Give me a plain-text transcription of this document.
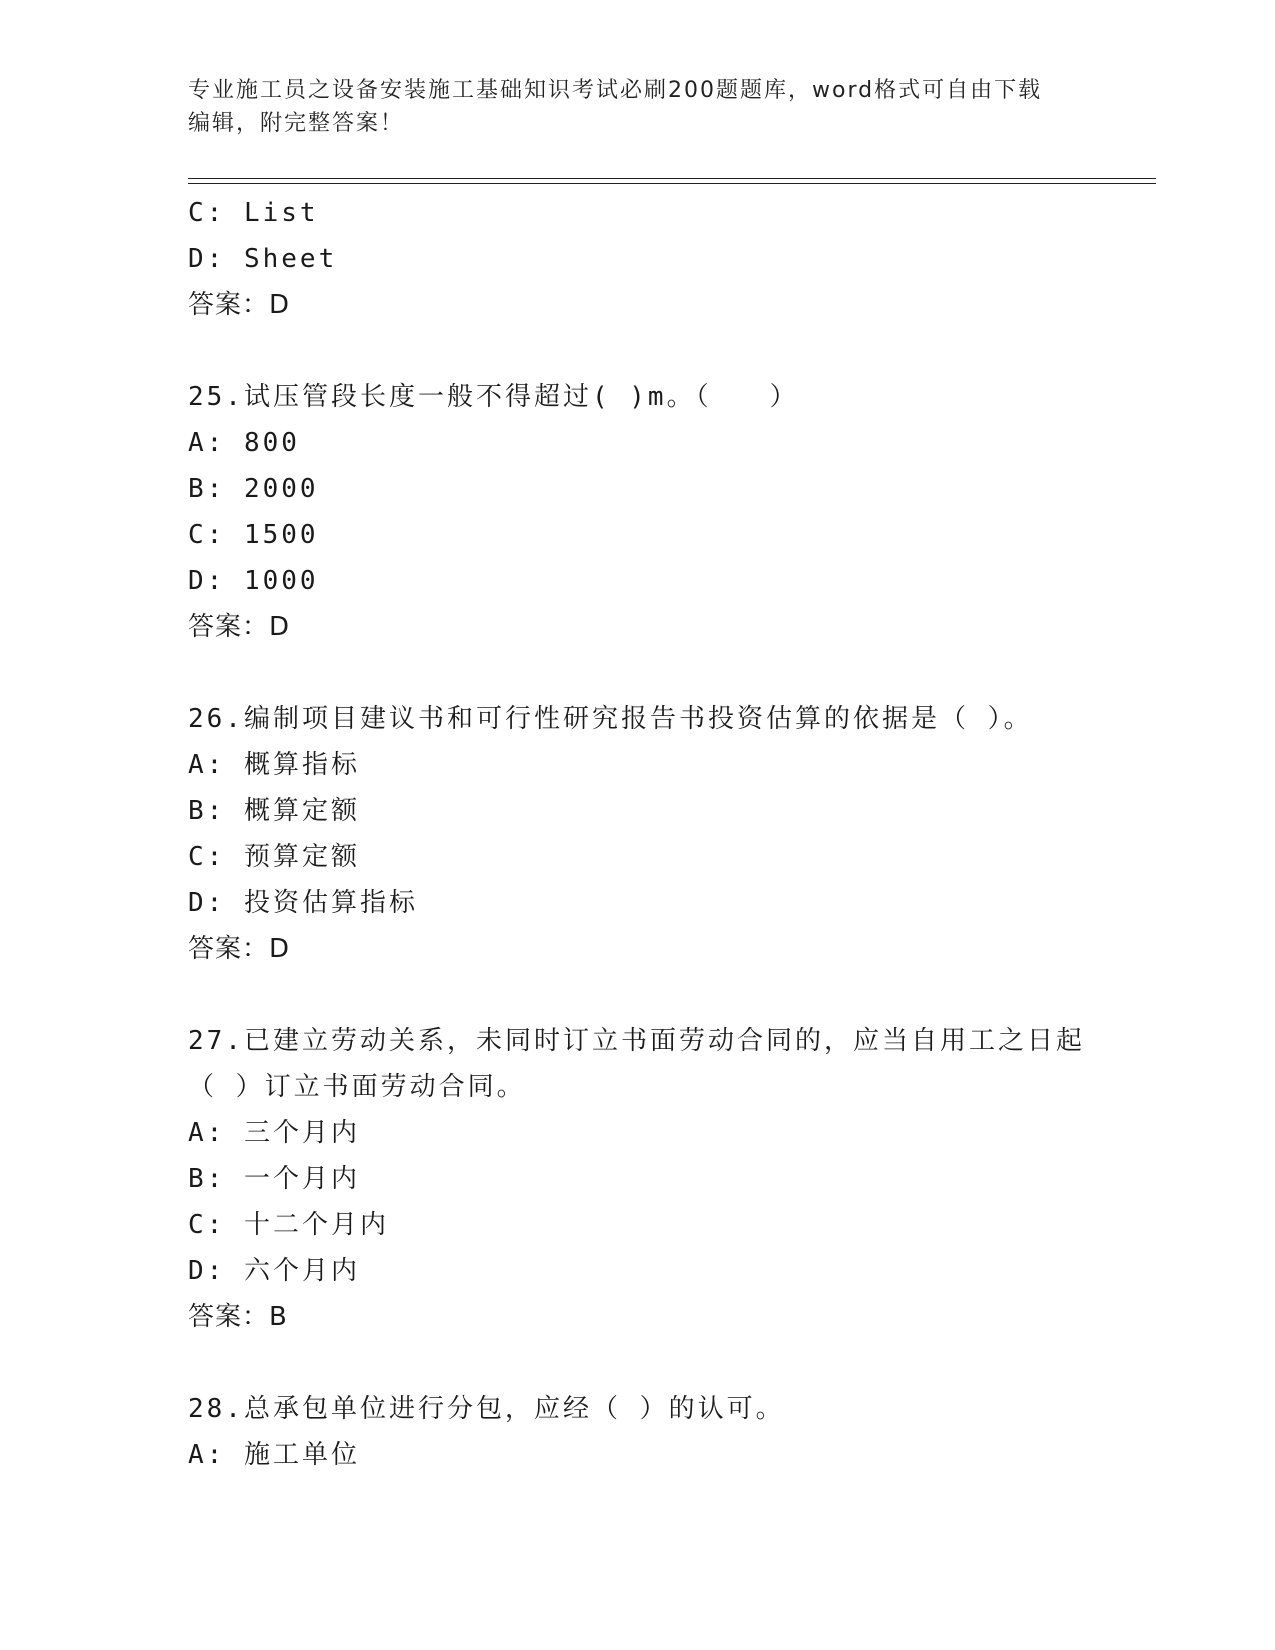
专业施工员之设备安装施工基础知识考试必刷200题题库，word格式可自由下载
编辑，附完整答案！
C: List
D: Sheet
答案：D
25.试压管段长度一般不得超过( )m。（　　）
A: 800
B: 2000
C: 1500
D: 1000
答案：D
26.编制项目建议书和可行性研究报告书投资估算的依据是（ ）。
A: 概算指标
B: 概算定额
C: 预算定额
D: 投资估算指标
答案：D
27.已建立劳动关系，未同时订立书面劳动合同的，应当自用工之日起
（ ）订立书面劳动合同。
A: 三个月内
B: 一个月内
C: 十二个月内
D: 六个月内
答案：B
28.总承包单位进行分包，应经（ ）的认可。
A: 施工单位
